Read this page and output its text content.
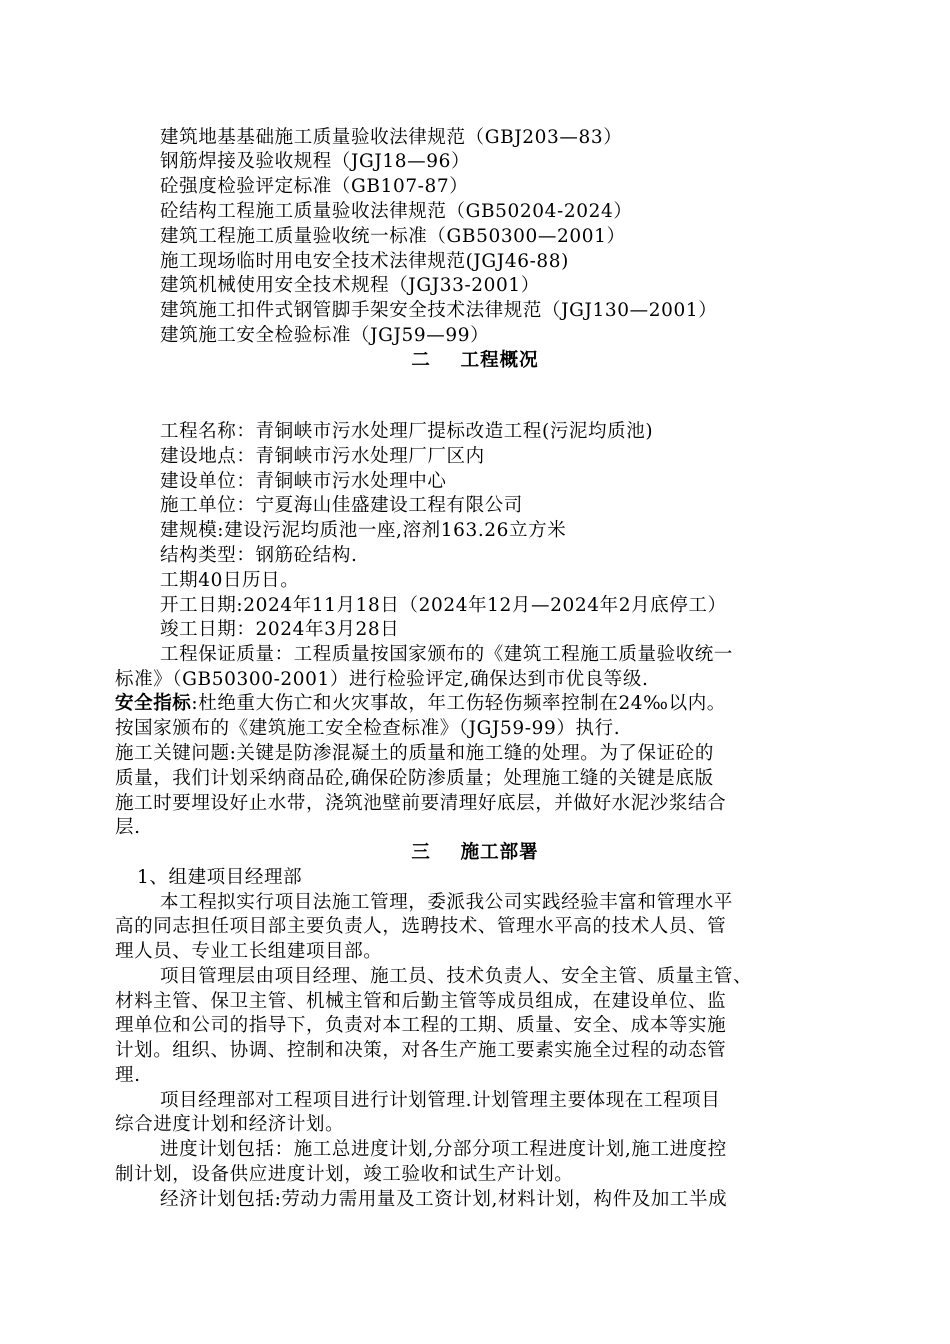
建筑地基基础施工质量验收法律规范（GBJ203—83）
钢筋焊接及验收规程（JGJ18—96）
砼强度检验评定标准（GB107-87）
砼结构工程施工质量验收法律规范（GB50204-2024）
建筑工程施工质量验收统一标准（GB50300—2001）
施工现场临时用电安全技术法律规范(JGJ46-88)
建筑机械使用安全技术规程（JGJ33-2001）
建筑施工扣件式钢管脚手架安全技术法律规范（JGJ130—2001）
建筑施工安全检验标准（JGJ59—99）
二    工程概况
工程名称：青铜峡市污水处理厂提标改造工程(污泥均质池)
建设地点：青铜峡市污水处理厂厂区内
建设单位：青铜峡市污水处理中心
施工单位：宁夏海山佳盛建设工程有限公司
建规模:建设污泥均质池一座,溶剂163.26立方米
结构类型：钢筋砼结构.
工期40日历日。
开工日期:2024年11月18日（2024年12月—2024年2月底停工）
竣工日期：2024年3月28日
工程保证质量：工程质量按国家颁布的《建筑工程施工质量验收统一
标准》（GB50300-2001）进行检验评定,确保达到市优良等级.
安全指标:杜绝重大伤亡和火灾事故，年工伤轻伤频率控制在24‰以内。
按国家颁布的《建筑施工安全检查标准》（JGJ59-99）执行.
施工关键问题:关键是防渗混凝土的质量和施工缝的处理。为了保证砼的
质量，我们计划采纳商品砼,确保砼防渗质量；处理施工缝的关键是底版
施工时要埋设好止水带，浇筑池壁前要清理好底层，并做好水泥沙浆结合
层.
三    施工部署
1、组建项目经理部
本工程拟实行项目法施工管理，委派我公司实践经验丰富和管理水平
高的同志担任项目部主要负责人，选聘技术、管理水平高的技术人员、管
理人员、专业工长组建项目部。
项目管理层由项目经理、施工员、技术负责人、安全主管、质量主管、
材料主管、保卫主管、机械主管和后勤主管等成员组成，在建设单位、监
理单位和公司的指导下，负责对本工程的工期、质量、安全、成本等实施
计划。组织、协调、控制和决策，对各生产施工要素实施全过程的动态管
理.
项目经理部对工程项目进行计划管理.计划管理主要体现在工程项目
综合进度计划和经济计划。
进度计划包括：施工总进度计划,分部分项工程进度计划,施工进度控
制计划，设备供应进度计划，竣工验收和试生产计划。
经济计划包括:劳动力需用量及工资计划,材料计划，构件及加工半成
